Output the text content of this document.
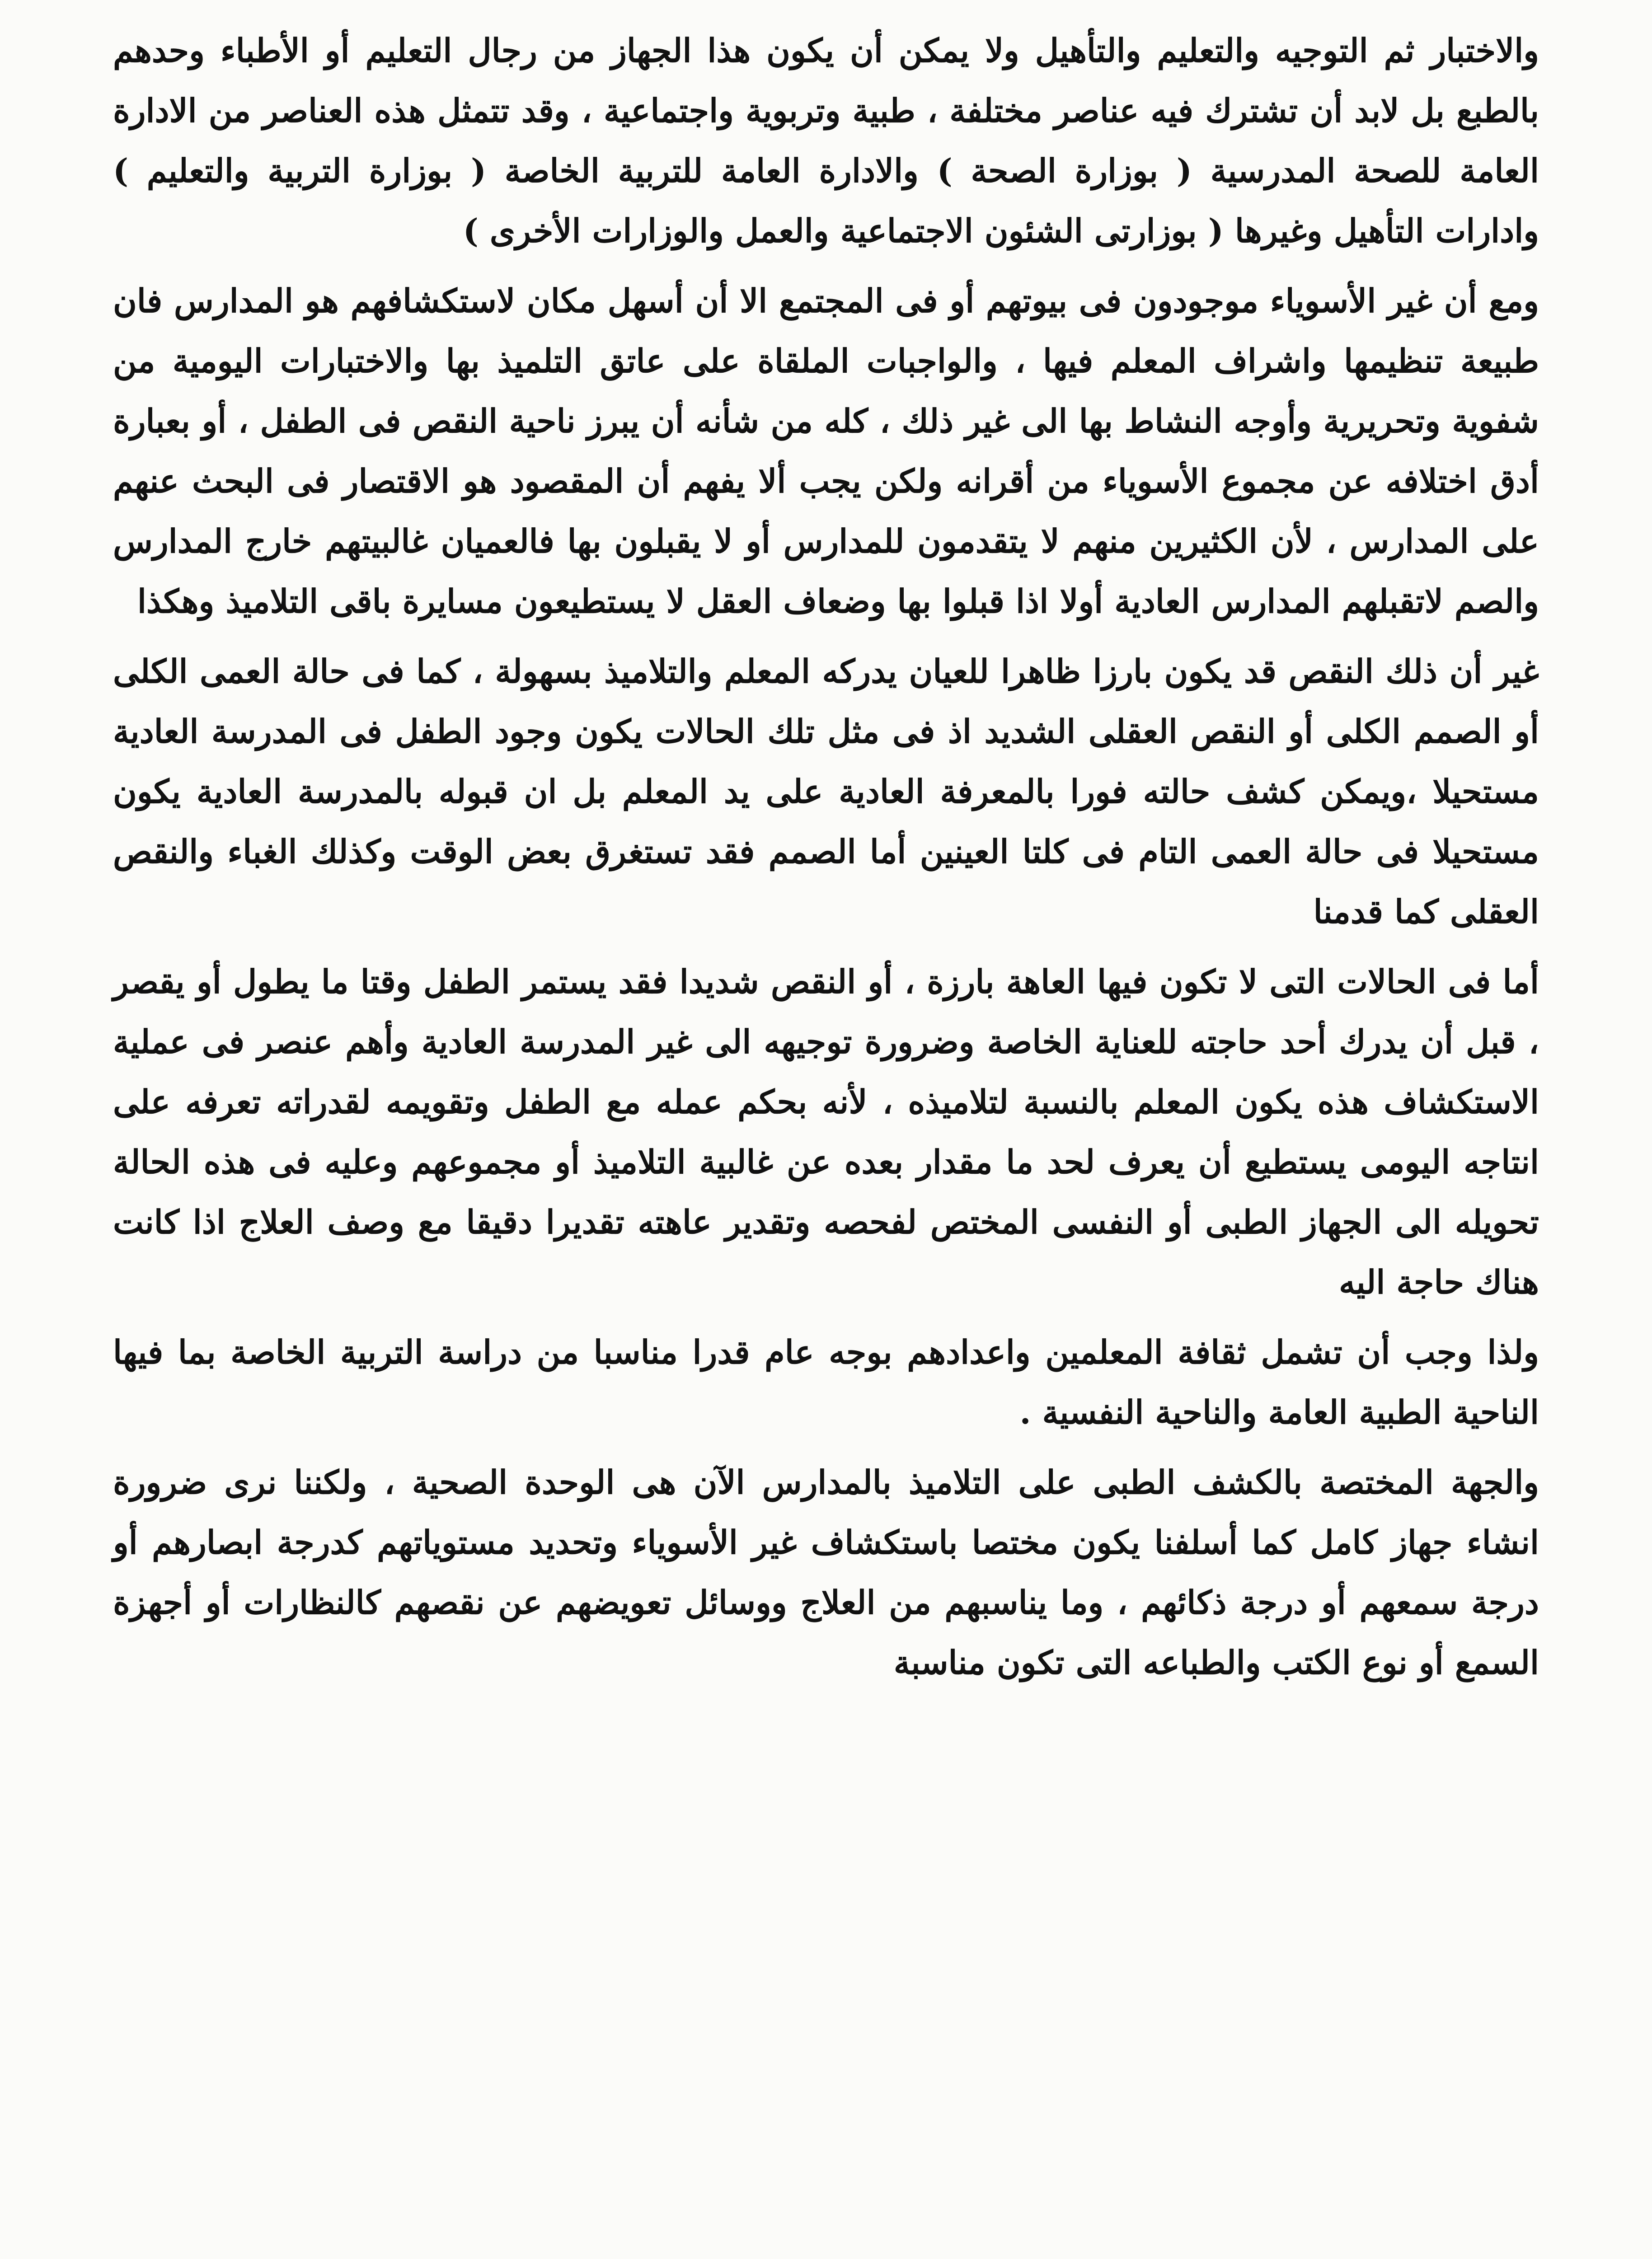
والاختبار ثم التوجيه والتعليم والتأهيل ولا يمكن أن يكون هذا الجهاز من رجال التعليم أو الأطباء وحدهم بالطبع بل لابد أن تشترك فيه عناصر مختلفة ، طبية وتربوية واجتماعية ، وقد تتمثل هذه العناصر من الادارة العامة للصحة المدرسية ( بوزارة الصحة ) والادارة العامة للتربية الخاصة ( بوزارة التربية والتعليم ) وادارات التأهيل وغيرها ( بوزارتى الشئون الاجتماعية والعمل والوزارات الأخرى )

ومع أن غير الأسوياء موجودون فى بيوتهم أو فى المجتمع الا أن أسهل مكان لاستكشافهم هو المدارس فان طبيعة تنظيمها واشراف المعلم فيها ، والواجبات الملقاة على عاتق التلميذ بها والاختبارات اليومية من شفوية وتحريرية وأوجه النشاط بها الى غير ذلك ، كله من شأنه أن يبرز ناحية النقص فى الطفل ، أو بعبارة أدق اختلافه عن مجموع الأسوياء من أقرانه ولكن يجب ألا يفهم أن المقصود هو الاقتصار فى البحث عنهم على المدارس ، لأن الكثيرين منهم لا يتقدمون للمدارس أو لا يقبلون بها فالعميان غالبيتهم خارج المدارس والصم لاتقبلهم المدارس العادية أولا اذا قبلوا بها وضعاف العقل لا يستطيعون مسايرة باقى التلاميذ وهكذا

غير أن ذلك النقص قد يكون بارزا ظاهرا للعيان يدركه المعلم والتلاميذ بسهولة ، كما فى حالة العمى الكلى أو الصمم الكلى أو النقص العقلى الشديد اذ فى مثل تلك الحالات يكون وجود الطفل فى المدرسة العادية مستحيلا ،ويمكن كشف حالته فورا بالمعرفة العادية على يد المعلم بل ان قبوله بالمدرسة العادية يكون مستحيلا فى حالة العمى التام فى كلتا العينين أما الصمم فقد تستغرق بعض الوقت وكذلك الغباء والنقص العقلى كما قدمنا

أما فى الحالات التى لا تكون فيها العاهة بارزة ، أو النقص شديدا فقد يستمر الطفل وقتا ما يطول أو يقصر ، قبل أن يدرك أحد حاجته للعناية الخاصة وضرورة توجيهه الى غير المدرسة العادية وأهم عنصر فى عملية الاستكشاف هذه يكون المعلم بالنسبة لتلاميذه ، لأنه بحكم عمله مع الطفل وتقويمه لقدراته تعرفه على انتاجه اليومى يستطيع أن يعرف لحد ما مقدار بعده عن غالبية التلاميذ أو مجموعهم وعليه فى هذه الحالة تحويله الى الجهاز الطبى أو النفسى المختص لفحصه وتقدير عاهته تقديرا دقيقا مع وصف العلاج اذا كانت هناك حاجة اليه

ولذا وجب أن تشمل ثقافة المعلمين واعدادهم بوجه عام قدرا مناسبا من دراسة التربية الخاصة بما فيها الناحية الطبية العامة والناحية النفسية .

والجهة المختصة بالكشف الطبى على التلاميذ بالمدارس الآن هى الوحدة الصحية ، ولكننا نرى ضرورة انشاء جهاز كامل كما أسلفنا يكون مختصا باستكشاف غير الأسوياء وتحديد مستوياتهم كدرجة ابصارهم أو درجة سمعهم أو درجة ذكائهم ، وما يناسبهم من العلاج ووسائل تعويضهم عن نقصهم كالنظارات أو أجهزة السمع أو نوع الكتب والطباعه التى تكون مناسبة
